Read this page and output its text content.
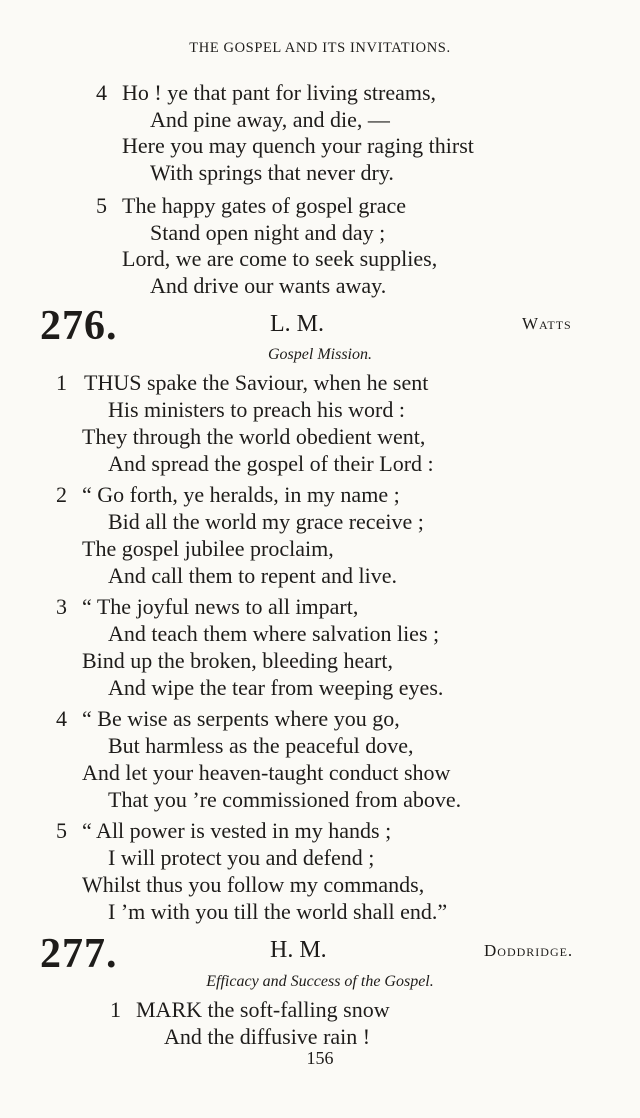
THE GOSPEL AND ITS INVITATIONS.
4 Ho ! ye that pant for living streams,
And pine away, and die, —
Here you may quench your raging thirst
With springs that never dry.
5 The happy gates of gospel grace
Stand open night and day ;
Lord, we are come to seek supplies,
And drive our wants away.
276.	L. M.	Watts
Gospel Mission.
1 THUS spake the Saviour, when he sent
His ministers to preach his word :
They through the world obedient went,
And spread the gospel of their Lord :
2 “ Go forth, ye heralds, in my name ;
Bid all the world my grace receive ;
The gospel jubilee proclaim,
And call them to repent and live.
3 “ The joyful news to all impart,
And teach them where salvation lies ;
Bind up the broken, bleeding heart,
And wipe the tear from weeping eyes.
4 “ Be wise as serpents where you go,
But harmless as the peaceful dove,
And let your heaven-taught conduct show
That you ’re commissioned from above.
5 “ All power is vested in my hands ;
I will protect you and defend ;
Whilst thus you follow my commands,
I ’m with you till the world shall end.”
277.	H. M.	Doddridge.
Efficacy and Success of the Gospel.
1 MARK the soft-falling snow
And the diffusive rain !
156
